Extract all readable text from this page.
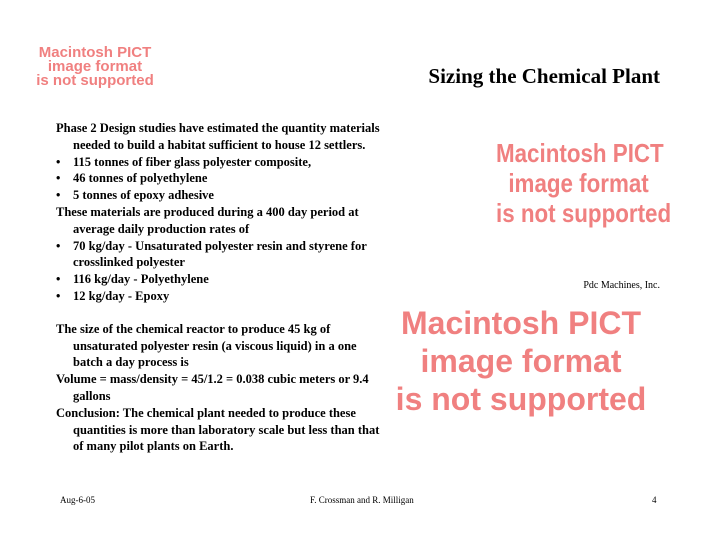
Macintosh PICT
image format
is not supported	Sizing the Chemical Plant
Macintosh PICT
image format
is not supported
Pdc Machines, Inc.
Macintosh PICT
image format
is not supported

Phase 2 Design studies have estimated the quantity materials needed to build a habitat sufficient to house 12 settlers.

• 115 tonnes of fiber glass polyester composite,
• 46 tonnes of polyethylene
• 5 tonnes of epoxy adhesive

These materials are produced during a 400 day period at average daily production rates of

• 70 kg/day - Unsaturated polyester resin and styrene for crosslinked polyester
• 116 kg/day - Polyethylene
• 12 kg/day - Epoxy

The size of the chemical reactor to produce 45 kg of unsaturated polyester resin (a viscous liquid) in a one batch a day process is

Volume = mass/density = 45/1.2 = 0.038 cubic meters or 9.4 gallons

Conclusion: The chemical plant needed to produce these quantities is more than laboratory scale but less than that of many pilot plants on Earth.

Aug-6-05	F. Crossman and R. Milligan	4
